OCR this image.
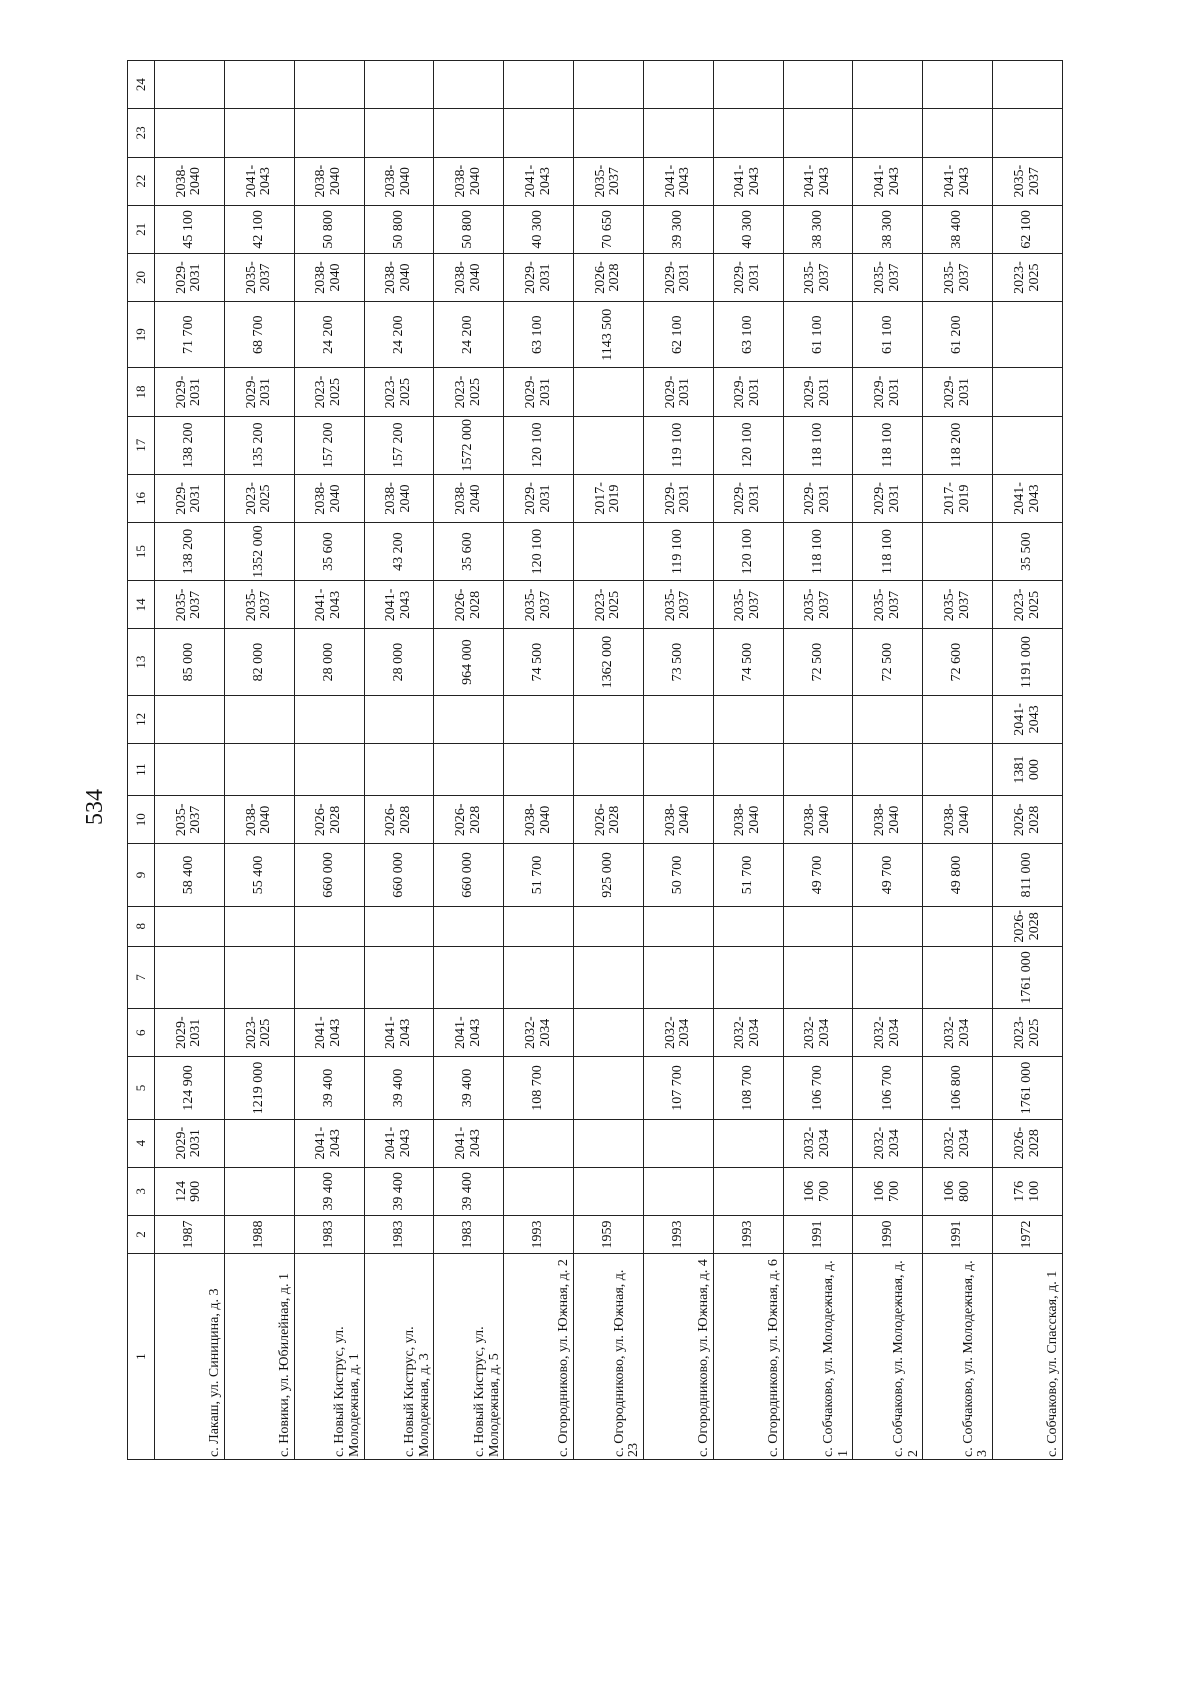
534
1	2	3	4	5	6	7	8	9	10	11	12	13	14	15	16	17	18	19	20	21	22	23	24
с. Лакаш, ул. Синицина, д. 3	1987	124 900	2029-2031	124 900	2029-2031			58 400	2035-2037			85 000	2035-2037	138 200	2029-2031	138 200	2029-2031	71 700	2029-2031	45 100	2038-2040		
с. Новики, ул. Юбилейная, д. 1	1988			1219 000	2023-2025			55 400	2038-2040			82 000	2035-2037	1352 000	2023-2025	135 200	2029-2031	68 700	2035-2037	42 100	2041-2043		
с. Новый Киструс, ул. Молодежная, д. 1	1983	39 400	2041-2043	39 400	2041-2043			660 000	2026-2028			28 000	2041-2043	35 600	2038-2040	157 200	2023-2025	24 200	2038-2040	50 800	2038-2040		
с. Новый Киструс, ул. Молодежная, д. 3	1983	39 400	2041-2043	39 400	2041-2043			660 000	2026-2028			28 000	2041-2043	43 200	2038-2040	157 200	2023-2025	24 200	2038-2040	50 800	2038-2040		
с. Новый Киструс, ул. Молодежная, д. 5	1983	39 400	2041-2043	39 400	2041-2043			660 000	2026-2028			964 000	2026-2028	35 600	2038-2040	1572 000	2023-2025	24 200	2038-2040	50 800	2038-2040		
с. Огородниково, ул. Южная, д. 2	1993			108 700	2032-2034			51 700	2038-2040			74 500	2035-2037	120 100	2029-2031	120 100	2029-2031	63 100	2029-2031	40 300	2041-2043		
с. Огородниково, ул. Южная, д. 23	1959							925 000	2026-2028			1362 000	2023-2025		2017-2019			1143 500	2026-2028	70 650	2035-2037		
с. Огородниково, ул. Южная, д. 4	1993			107 700	2032-2034			50 700	2038-2040			73 500	2035-2037	119 100	2029-2031	119 100	2029-2031	62 100	2029-2031	39 300	2041-2043		
с. Огородниково, ул. Южная, д. 6	1993			108 700	2032-2034			51 700	2038-2040			74 500	2035-2037	120 100	2029-2031	120 100	2029-2031	63 100	2029-2031	40 300	2041-2043		
с. Собчаково, ул. Молодежная, д. 1	1991	106 700	2032-2034	106 700	2032-2034			49 700	2038-2040			72 500	2035-2037	118 100	2029-2031	118 100	2029-2031	61 100	2035-2037	38 300	2041-2043		
с. Собчаково, ул. Молодежная, д. 2	1990	106 700	2032-2034	106 700	2032-2034			49 700	2038-2040			72 500	2035-2037	118 100	2029-2031	118 100	2029-2031	61 100	2035-2037	38 300	2041-2043		
с. Собчаково, ул. Молодежная, д. 3	1991	106 800	2032-2034	106 800	2032-2034			49 800	2038-2040			72 600	2035-2037		2017-2019	118 200	2029-2031	61 200	2035-2037	38 400	2041-2043		
с. Собчаково, ул. Спасская, д. 1	1972	176 100	2026-2028	1761 000	2023-2025	1761 000	2026-2028	811 000	2026-2028	1381 000	2041-2043	1191 000	2023-2025	35 500	2041-2043				2023-2025	62 100	2035-2037		
